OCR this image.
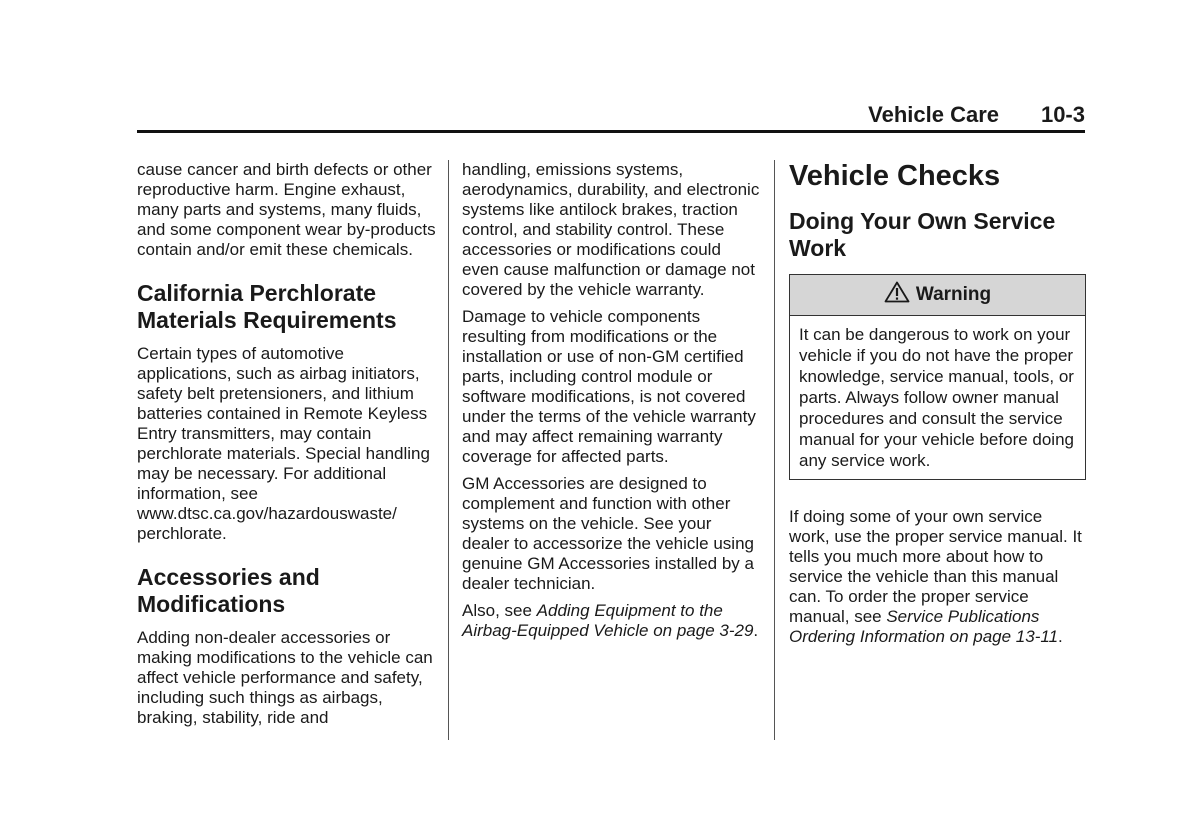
Vehicle Care 10-3

cause cancer and birth defects or other reproductive harm. Engine exhaust, many parts and systems, many fluids, and some component wear by-products contain and/or emit these chemicals.

California Perchlorate Materials Requirements

Certain types of automotive applications, such as airbag initiators, safety belt pretensioners, and lithium batteries contained in Remote Keyless Entry transmitters, may contain perchlorate materials. Special handling may be necessary. For additional information, see www.dtsc.ca.gov/hazardouswaste/ perchlorate.

Accessories and Modifications

Adding non-dealer accessories or making modifications to the vehicle can affect vehicle performance and safety, including such things as airbags, braking, stability, ride and

handling, emissions systems, aerodynamics, durability, and electronic systems like antilock brakes, traction control, and stability control. These accessories or modifications could even cause malfunction or damage not covered by the vehicle warranty.

Damage to vehicle components resulting from modifications or the installation or use of non-GM certified parts, including control module or software modifications, is not covered under the terms of the vehicle warranty and may affect remaining warranty coverage for affected parts.

GM Accessories are designed to complement and function with other systems on the vehicle. See your dealer to accessorize the vehicle using genuine GM Accessories installed by a dealer technician.

Also, see Adding Equipment to the Airbag-Equipped Vehicle on page 3-29.

Vehicle Checks
Doing Your Own Service Work
Warning

It can be dangerous to work on your vehicle if you do not have the proper knowledge, service manual, tools, or parts. Always follow owner manual procedures and consult the service manual for your vehicle before doing any service work.

If doing some of your own service work, use the proper service manual. It tells you much more about how to service the vehicle than this manual can. To order the proper service manual, see Service Publications Ordering Information on page 13-11.
